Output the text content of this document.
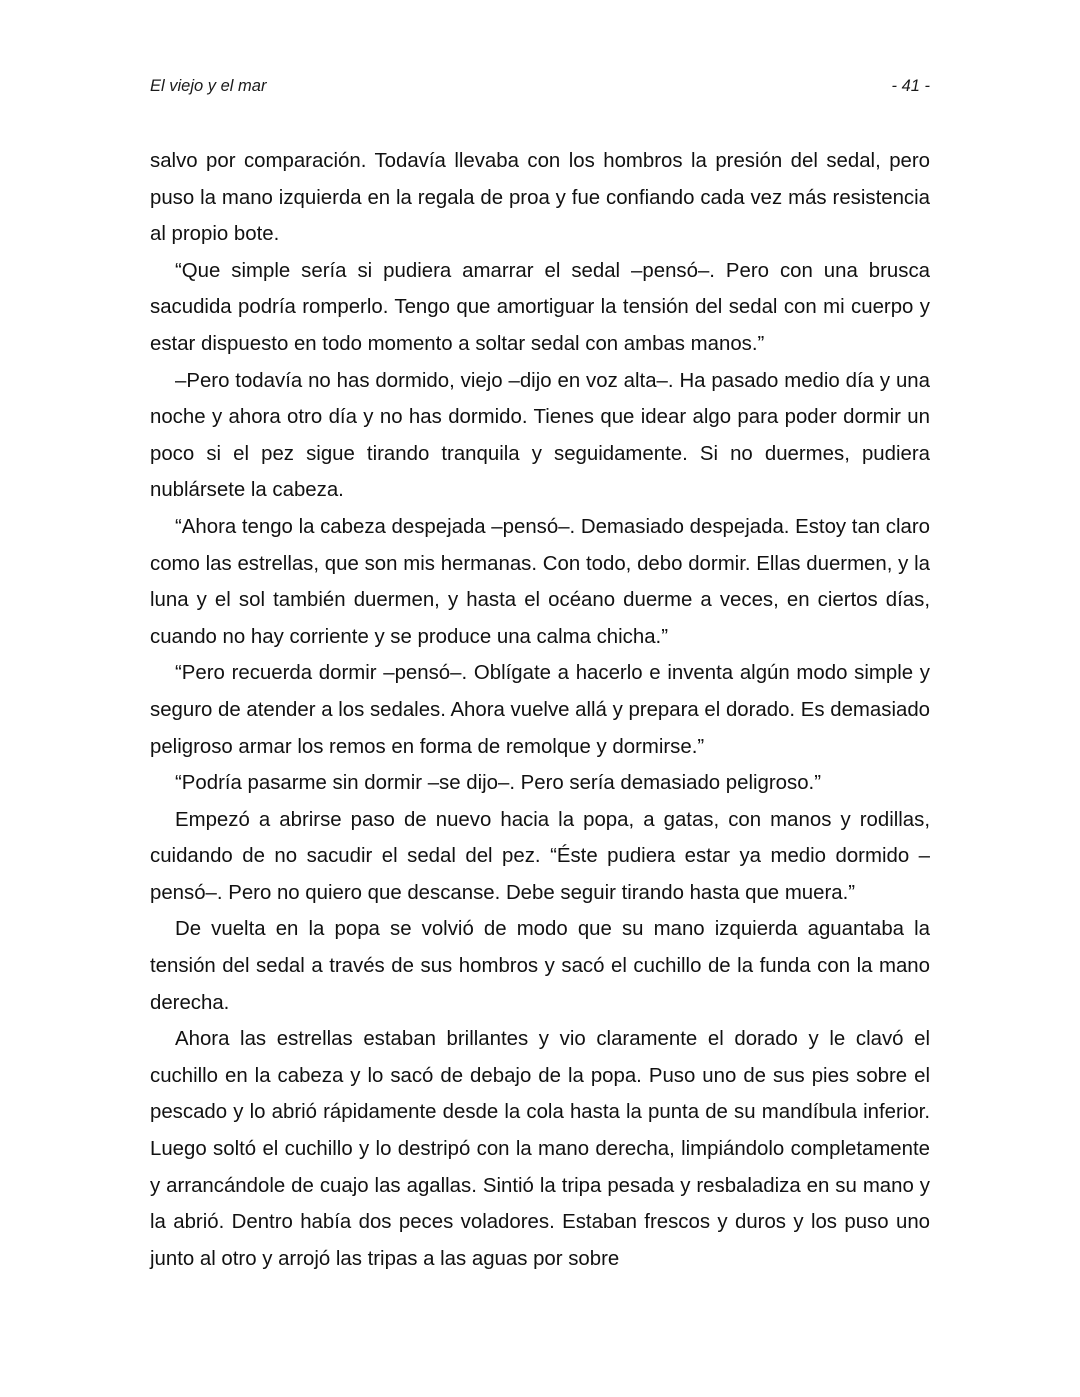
El viejo y el mar	- 41 -

salvo por comparación. Todavía llevaba con los hombros la presión del sedal, pero puso la mano izquierda en la regala de proa y fue confiando cada vez más resistencia al propio bote.

“Que simple sería si pudiera amarrar el sedal –pensó–. Pero con una brusca sacudida podría romperlo. Tengo que amortiguar la tensión del sedal con mi cuerpo y estar dispuesto en todo momento a soltar sedal con ambas manos.”

–Pero todavía no has dormido, viejo –dijo en voz alta–. Ha pasado medio día y una noche y ahora otro día y no has dormido. Tienes que idear algo para poder dormir un poco si el pez sigue tirando tranquila y seguidamente. Si no duermes, pudiera nublársete la cabeza.

“Ahora tengo la cabeza despejada –pensó–. Demasiado despejada. Estoy tan claro como las estrellas, que son mis hermanas. Con todo, debo dormir. Ellas duermen, y la luna y el sol también duermen, y hasta el océano duerme a veces, en ciertos días, cuando no hay corriente y se produce una calma chicha.”

“Pero recuerda dormir –pensó–. Oblígate a hacerlo e inventa algún modo simple y seguro de atender a los sedales. Ahora vuelve allá y prepara el dorado. Es demasiado peligroso armar los remos en forma de remolque y dormirse.”

“Podría pasarme sin dormir –se dijo–. Pero sería demasiado peligroso.”

Empezó a abrirse paso de nuevo hacia la popa, a gatas, con manos y rodillas, cuidando de no sacudir el sedal del pez. “Éste pudiera estar ya medio dormido –pensó–. Pero no quiero que descanse. Debe seguir tirando hasta que muera.”

De vuelta en la popa se volvió de modo que su mano izquierda aguantaba la tensión del sedal a través de sus hombros y sacó el cuchillo de la funda con la mano derecha.

Ahora las estrellas estaban brillantes y vio claramente el dorado y le clavó el cuchillo en la cabeza y lo sacó de debajo de la popa. Puso uno de sus pies sobre el pescado y lo abrió rápidamente desde la cola hasta la punta de su mandíbula inferior. Luego soltó el cuchillo y lo destripó con la mano derecha, limpiándolo completamente y arrancándole de cuajo las agallas. Sintió la tripa pesada y resbaladiza en su mano y la abrió. Dentro había dos peces voladores. Estaban frescos y duros y los puso uno junto al otro y arrojó las tripas a las aguas por sobre
